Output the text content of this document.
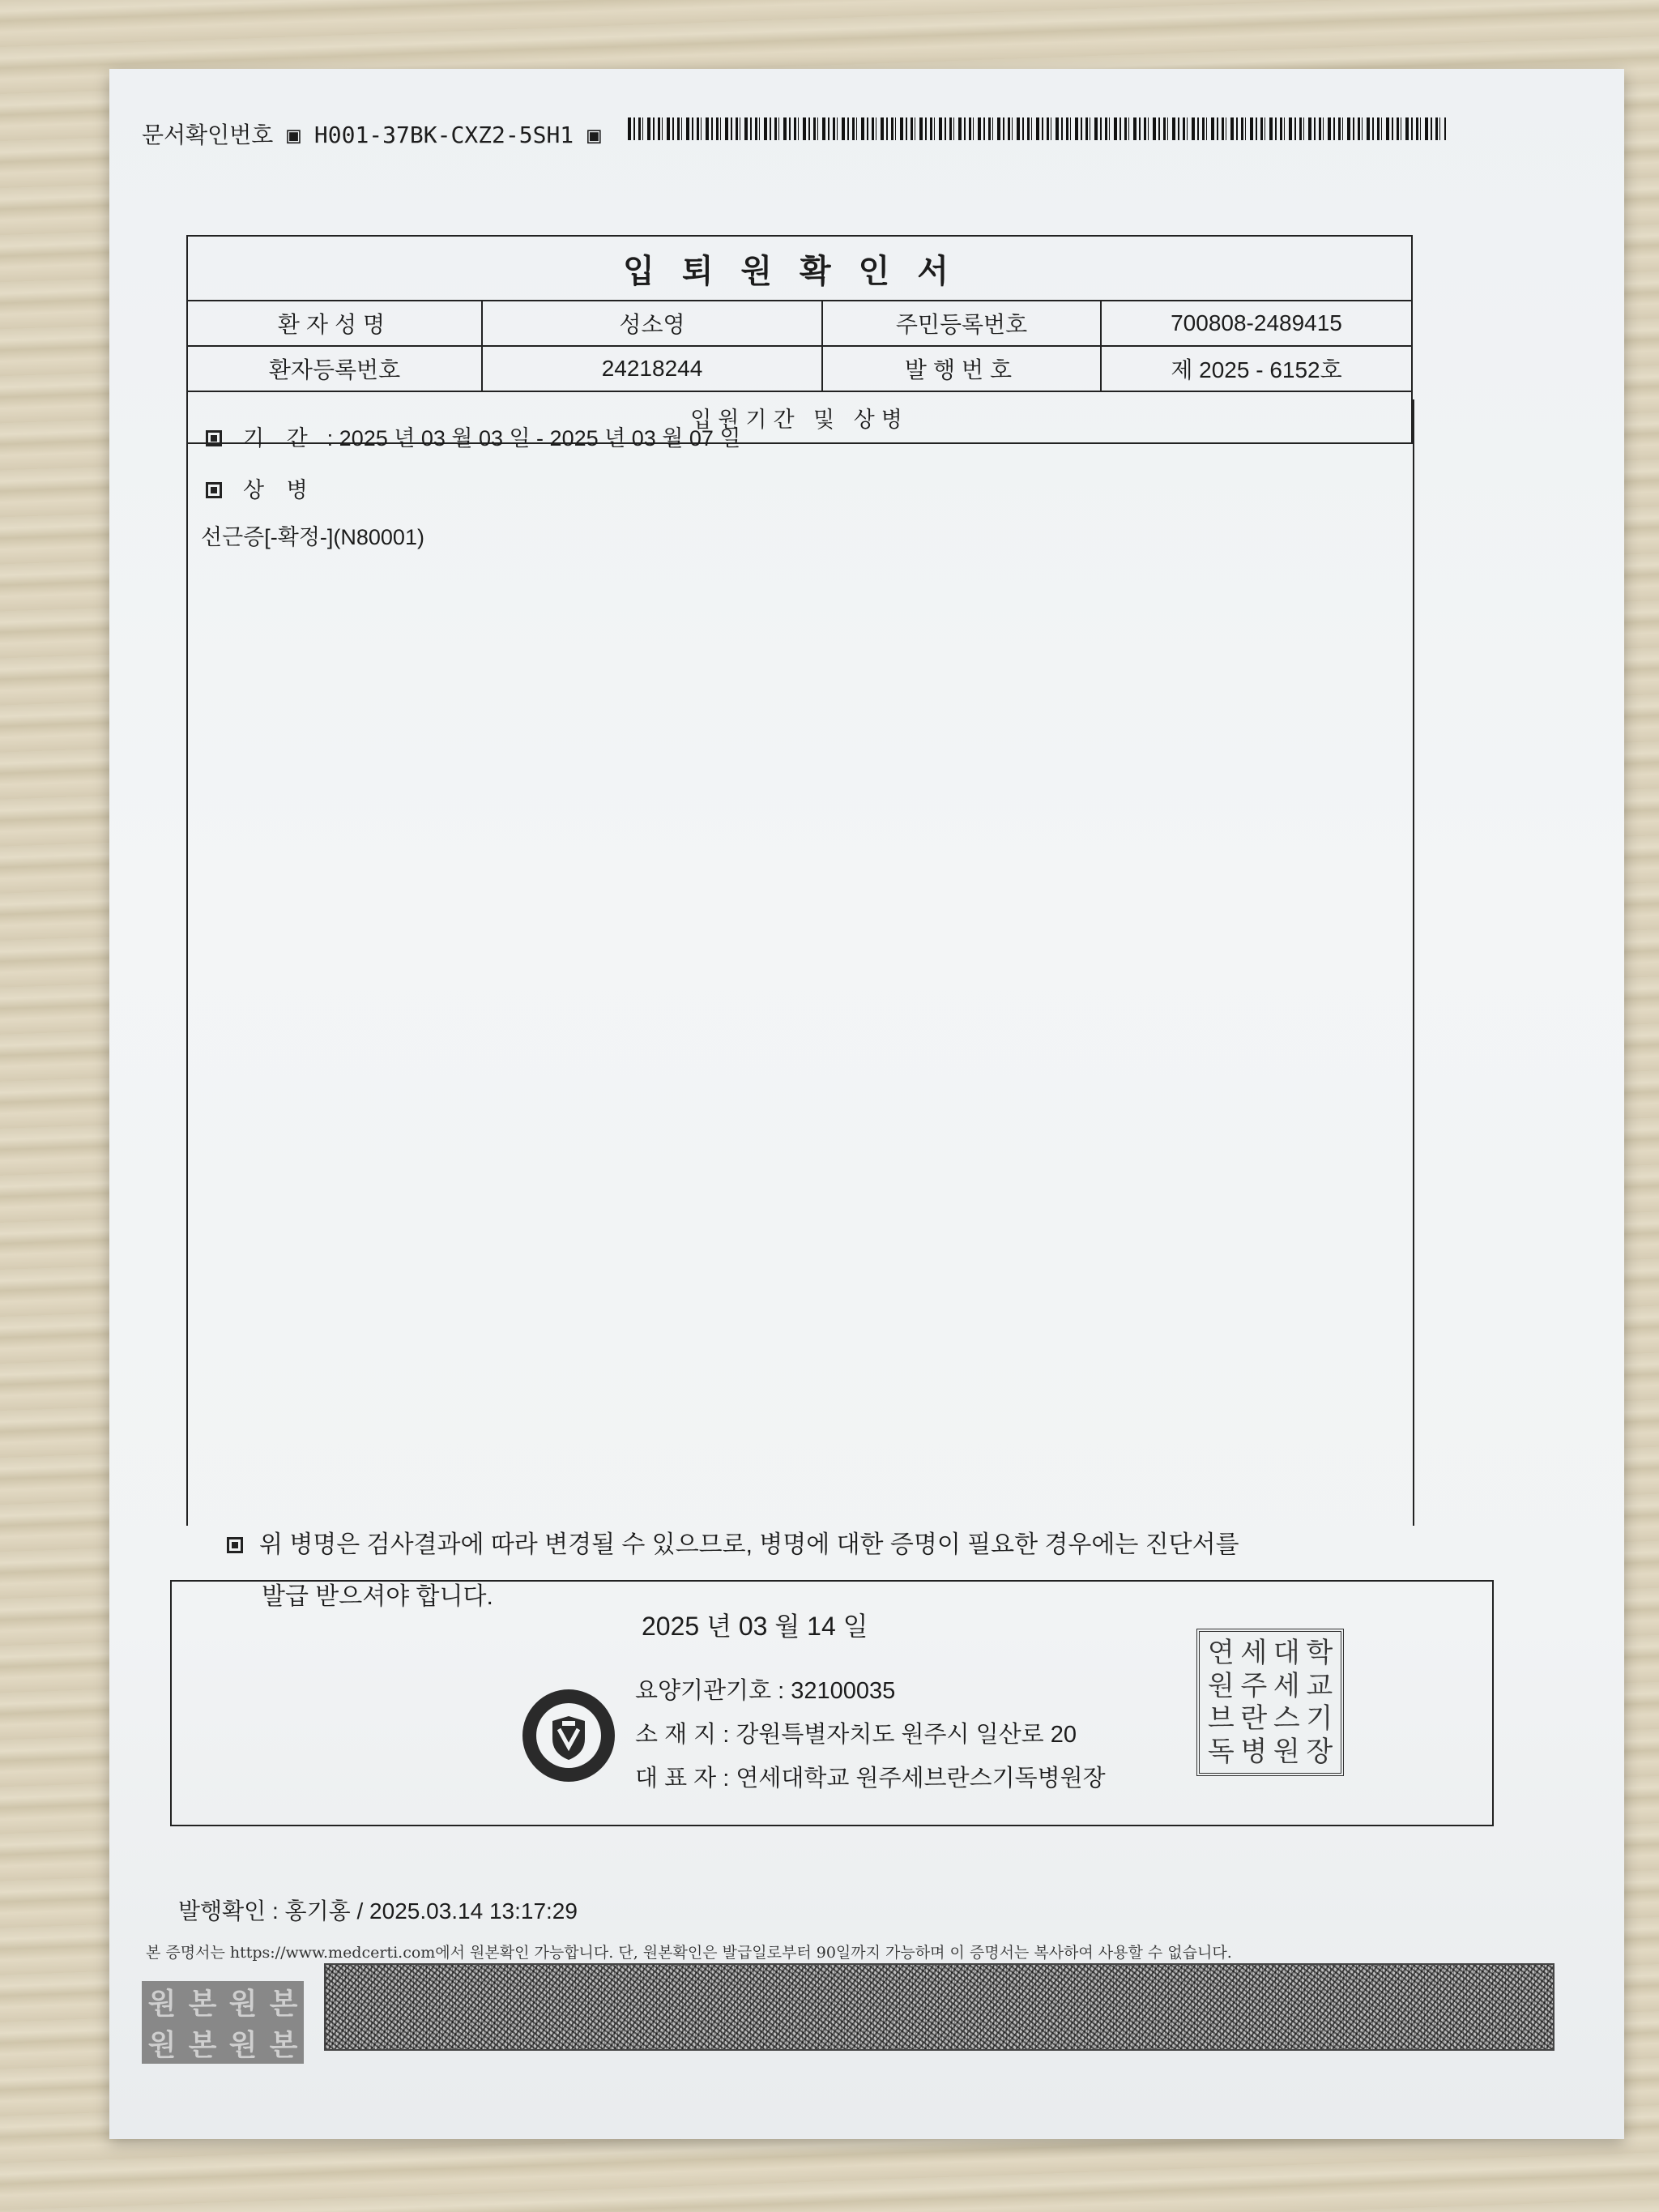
문서확인번호 ▣ H001-37BK-CXZ2-5SH1 ▣
입퇴원확인서
환자성명	성소영	주민등록번호	700808-2489415
환자등록번호	24218244	발행번호	제 2025 - 6152호
입원기간 및 상병
기 간 : 2025 년 03 월 03 일 - 2025 년 03 월 07 일
상 병
선근증[-확정-](N80001)
위 병명은 검사결과에 따라 변경될 수 있으므로, 병명에 대한 증명이 필요한 경우에는 진단서를
발급 받으셔야 합니다.
2025 년 03 월 14 일
요양기관기호 : 32100035
소 재 지 : 강원특별자치도 원주시 일산로 20
대 표 자 : 연세대학교 원주세브란스기독병원장
연 세 대 학
원 주 세 교
브 란 스 기
독 병 원 장
발행확인 : 홍기홍 / 2025.03.14 13:17:29
본 증명서는 https://www.medcerti.com에서 원본확인 가능합니다. 단, 원본확인은 발급일로부터 90일까지 가능하며 이 증명서는 복사하여 사용할 수 없습니다.
원 본 원 본
원 본 원 본
